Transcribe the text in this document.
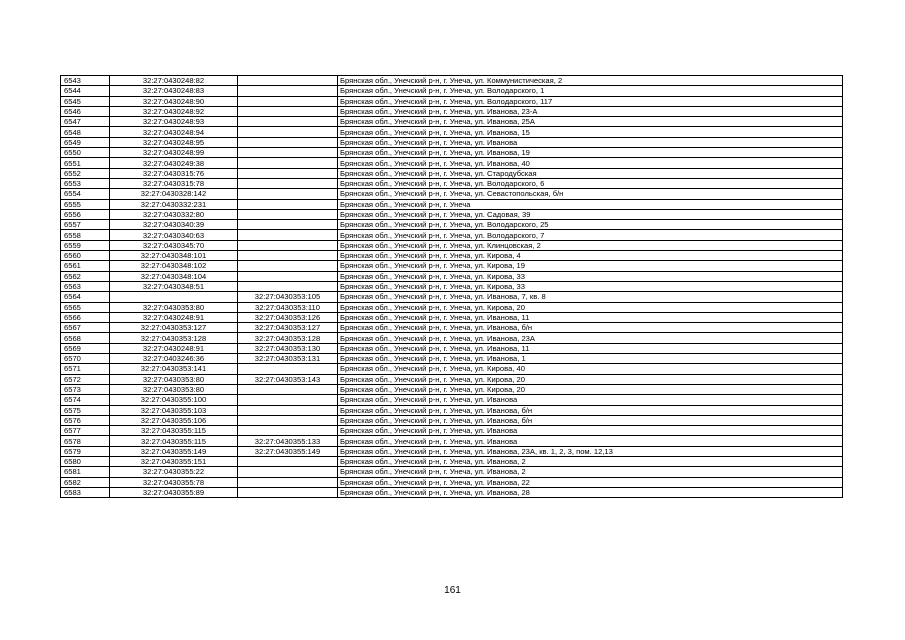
6543	32:27:0430248:82		Брянская обл., Унечский р-н, г. Унеча, ул. Коммунистическая, 2
6544	32:27:0430248:83		Брянская обл., Унечский р-н, г. Унеча, ул. Володарского, 1
6545	32:27:0430248:90		Брянская обл., Унечский р-н, г. Унеча, ул. Володарского, 117
6546	32:27:0430248:92		Брянская обл., Унечский р-н, г. Унеча, ул. Иванова, 23-А
6547	32:27:0430248:93		Брянская обл., Унечский р-н, г. Унеча, ул. Иванова, 25А
6548	32:27:0430248:94		Брянская обл., Унечский р-н, г. Унеча, ул. Иванова, 15
6549	32:27:0430248:95		Брянская обл., Унечский р-н, г. Унеча, ул. Иванова
6550	32:27:0430248:99		Брянская обл., Унечский р-н, г. Унеча, ул. Иванова, 19
6551	32:27:0430249:38		Брянская обл., Унечский р-н, г. Унеча, ул. Иванова, 40
6552	32:27:0430315:76		Брянская обл., Унечский р-н, г. Унеча, ул. Стародубская
6553	32:27:0430315:78		Брянская обл., Унечский р-н, г. Унеча, ул. Володарского, 6
6554	32:27:0430328:142		Брянская обл., Унечский р-н, г. Унеча, ул. Севастопольская, б/н
6555	32:27:0430332:231		Брянская обл., Унечский р-н, г. Унеча
6556	32:27:0430332:80		Брянская обл., Унечский р-н, г. Унеча, ул. Садовая, 39
6557	32:27:0430340:39		Брянская обл., Унечский р-н, г. Унеча, ул. Володарского, 25
6558	32:27:0430340:63		Брянская обл., Унечский р-н, г. Унеча, ул. Володарского, 7
6559	32:27:0430345:70		Брянская обл., Унечский р-н, г. Унеча, ул. Клинцовская, 2
6560	32:27:0430348:101		Брянская обл., Унечский р-н, г. Унеча, ул. Кирова, 4
6561	32:27:0430348:102		Брянская обл., Унечский р-н, г. Унеча, ул. Кирова, 19
6562	32:27:0430348:104		Брянская обл., Унечский р-н, г. Унеча, ул. Кирова, 33
6563	32:27:0430348:51		Брянская обл., Унечский р-н, г. Унеча, ул. Кирова, 33
6564		32:27:0430353:105	Брянская обл., Унечский р-н, г. Унеча, ул. Иванова, 7, кв. 8
6565	32:27:0430353:80	32:27:0430353:110	Брянская обл., Унечский р-н, г. Унеча, ул. Кирова, 20
6566	32:27:0430248:91	32:27:0430353:126	Брянская обл., Унечский р-н, г. Унеча, ул. Иванова, 11
6567	32:27:0430353:127	32:27:0430353:127	Брянская обл., Унечский р-н, г. Унеча, ул. Иванова, б/н
6568	32:27:0430353:128	32:27:0430353:128	Брянская обл., Унечский р-н, г. Унеча, ул. Иванова, 23А
6569	32:27:0430248:91	32:27:0430353:130	Брянская обл., Унечский р-н, г. Унеча, ул. Иванова, 11
6570	32:27:0403246:36	32:27:0430353:131	Брянская обл., Унечский р-н, г. Унеча, ул. Иванова, 1
6571	32:27:0430353:141		Брянская обл., Унечский р-н, г. Унеча, ул. Кирова, 40
6572	32:27:0430353:80	32:27:0430353:143	Брянская обл., Унечский р-н, г. Унеча, ул. Кирова, 20
6573	32:27:0430353:80		Брянская обл., Унечский р-н, г. Унеча, ул. Кирова, 20
6574	32:27:0430355:100		Брянская обл., Унечский р-н, г. Унеча, ул. Иванова
6575	32:27:0430355:103		Брянская обл., Унечский р-н, г. Унеча, ул. Иванова, б/н
6576	32:27:0430355:106		Брянская обл., Унечский р-н, г. Унеча, ул. Иванова, б/н
6577	32:27:0430355:115		Брянская обл., Унечский р-н, г. Унеча, ул. Иванова
6578	32:27:0430355:115	32:27:0430355:133	Брянская обл., Унечский р-н, г. Унеча, ул. Иванова
6579	32:27:0430355:149	32:27:0430355:149	Брянская обл., Унечский р-н, г. Унеча, ул. Иванова, 23А, кв. 1, 2, 3, пом. 12,13
6580	32:27:0430355:151		Брянская обл., Унечский р-н, г. Унеча, ул. Иванова, 2
6581	32:27:0430355:22		Брянская обл., Унечский р-н, г. Унеча, ул. Иванова, 2
6582	32:27:0430355:78		Брянская обл., Унечский р-н, г. Унеча, ул. Иванова, 22
6583	32:27:0430355:89		Брянская обл., Унечский р-н, г. Унеча, ул. Иванова, 28
161
